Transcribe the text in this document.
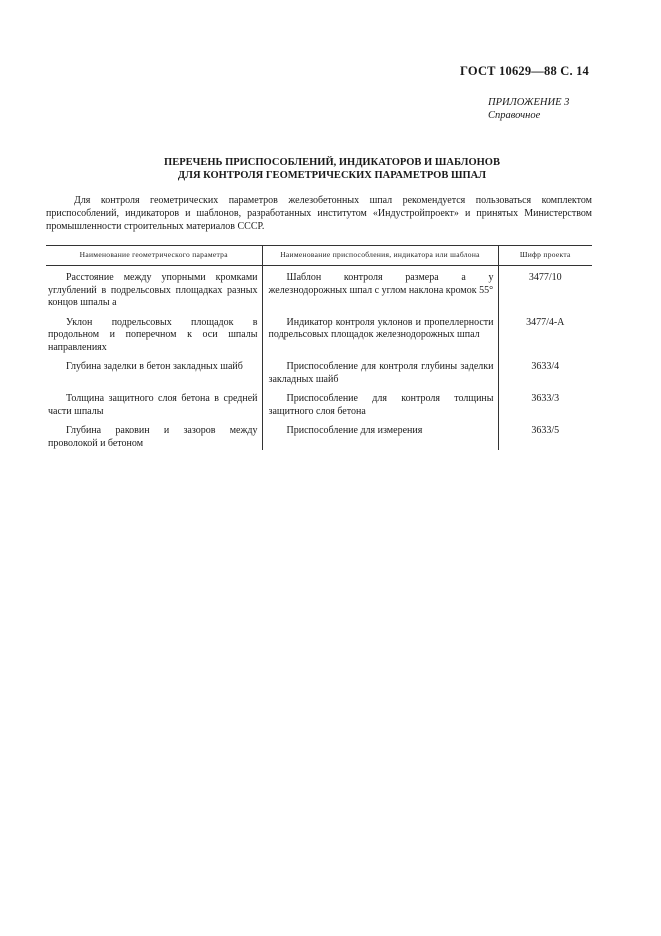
ГОСТ 10629—88 С. 14
ПРИЛОЖЕНИЕ 3
Справочное
ПЕРЕЧЕНЬ ПРИСПОСОБЛЕНИЙ, ИНДИКАТОРОВ И ШАБЛОНОВ
ДЛЯ КОНТРОЛЯ ГЕОМЕТРИЧЕСКИХ ПАРАМЕТРОВ ШПАЛ

Для контроля геометрических параметров железобетонных шпал рекомендуется пользоваться комплектом приспособлений, индикаторов и шаблонов, разработанных институтом «Индустройпроект» и принятых Министерством промышленности строительных материалов СССР.

Наименование геометрического параметра	Наименование приспособления, индикатора или шаблона	Шифр проекта

Расстояние между упорными кромками углублений в подрельсовых площадках разных концов шпалы а	Шаблон контроля размера а у железнодорожных шпал с углом наклона кромок 55°	3477/10

Уклон подрельсовых площадок в продольном и поперечном к оси шпалы направлениях	Индикатор контроля уклонов и пропеллерности подрельсовых площадок железнодорожных шпал	3477/4-А

Глубина заделки в бетон закладных шайб	Приспособление для контроля глубины заделки закладных шайб	3633/4

Толщина защитного слоя бетона в средней части шпалы	Приспособление для контроля толщины защитного слоя бетона	3633/3

Глубина раковин и зазоров между проволокой и бетоном	Приспособление для измерения	3633/5
